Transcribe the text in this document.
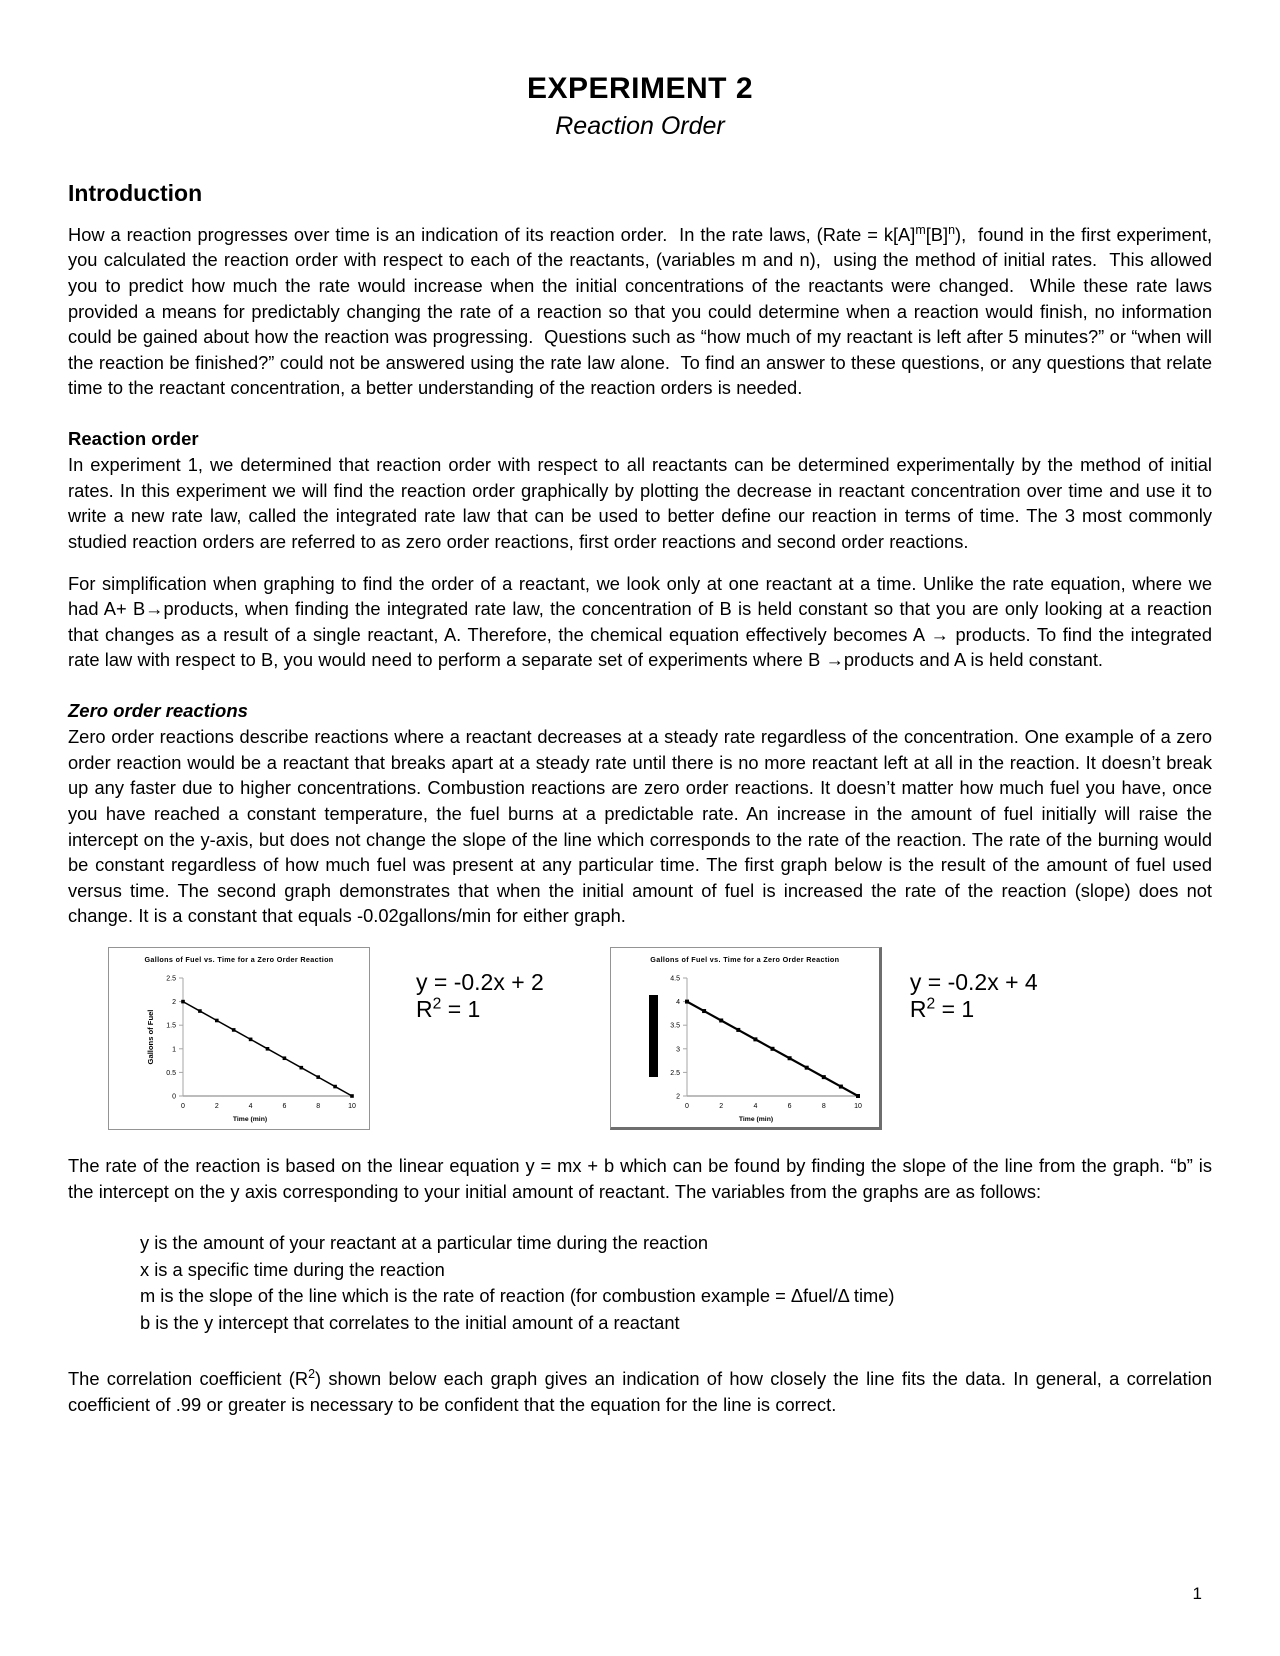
EXPERIMENT 2
Reaction Order
Introduction

How a reaction progresses over time is an indication of its reaction order.  In the rate laws, (Rate = $k[A]^m[B]^n$),  found in the first experiment, you calculated the reaction order with respect to each of the reactants, (variables m and n),  using the method of initial rates.  This allowed you to predict how much the rate would increase when the initial concentrations of the reactants were changed.  While these rate laws provided a means for predictably changing the rate of a reaction so that you could determine when a reaction would finish, no information could be gained about how the reaction was progressing.  Questions such as “how much of my reactant is left after 5 minutes?” or “when will the reaction be finished?” could not be answered using the rate law alone.  To find an answer to these questions, or any questions that relate time to the reactant concentration, a better understanding of the reaction orders is needed.

Reaction order

In experiment 1, we determined that reaction order with respect to all reactants can be determined experimentally by the method of initial rates. In this experiment we will find the reaction order graphically by plotting the decrease in reactant concentration over time and use it to write a new rate law, called the integrated rate law that can be used to better define our reaction in terms of time. The 3 most commonly studied reaction orders are referred to as zero order reactions, first order reactions and second order reactions.

For simplification when graphing to find the order of a reactant, we look only at one reactant at a time. Unlike the rate equation, where we had A+ B→products, when finding the integrated rate law, the concentration of B is held constant so that you are only looking at a reaction that changes as a result of a single reactant, A. Therefore, the chemical equation effectively becomes A → products. To find the integrated rate law with respect to B, you would need to perform a separate set of experiments where B →products and A is held constant.

Zero order reactions

Zero order reactions describe reactions where a reactant decreases at a steady rate regardless of the concentration. One example of a zero order reaction would be a reactant that breaks apart at a steady rate until there is no more reactant left at all in the reaction. It doesn’t break up any faster due to higher concentrations. Combustion reactions are zero order reactions. It doesn’t matter how much fuel you have, once you have reached a constant temperature, the fuel burns at a predictable rate. An increase in the amount of fuel initially will raise the intercept on the y-axis, but does not change the slope of the line which corresponds to the rate of the reaction. The rate of the burning would be constant regardless of how much fuel was present at any particular time. The first graph below is the result of the amount of fuel used versus time. The second graph demonstrates that when the initial amount of fuel is increased the rate of the reaction (slope) does not change. It is a constant that equals -0.02gallons/min for either graph.

Gallons of Fuel vs. Time for a Zero Order Reaction
2.5
2
1.5
1
0.5
0
0	2	4	6	8	10
Time (min)
Gallons of Fuel
y = -0.2x + 2
$R^2 = 1$
Gallons of Fuel vs. Time for a Zero Order Reaction
4.5
4
3.5
3
2.5
2
0	2	4	6	8	10
Time (min)
y = -0.2x + 4
$R^2 = 1$

The rate of the reaction is based on the linear equation y = mx + b which can be found by finding the slope of the line from the graph. “b” is the intercept on the y axis corresponding to your initial amount of reactant. The variables from the graphs are as follows:

y is the amount of your reactant at a particular time during the reaction
x is a specific time during the reaction
m is the slope of the line which is the rate of reaction (for combustion example = Δfuel/Δ time)
b is the y intercept that correlates to the initial amount of a reactant

The correlation coefficient $(R^2)$ shown below each graph gives an indication of how closely the line fits the data. In general, a correlation coefficient of .99 or greater is necessary to be confident that the equation for the line is correct.

1
